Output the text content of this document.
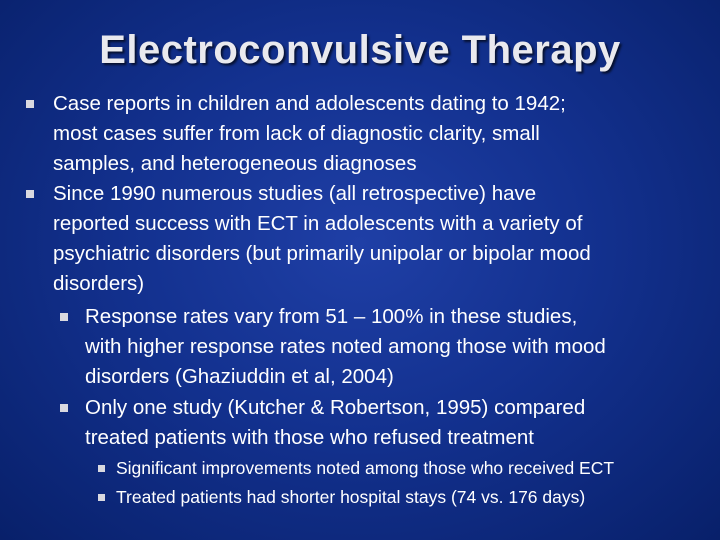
Electroconvulsive Therapy
Case reports in children and adolescents dating to 1942;
most cases suffer from lack of diagnostic clarity, small
samples, and heterogeneous diagnoses
Since 1990 numerous studies (all retrospective) have
reported success with ECT in adolescents with a variety of
psychiatric disorders (but primarily unipolar or bipolar mood
disorders)
Response rates vary from 51 – 100% in these studies,
with higher response rates noted among those with mood
disorders (Ghaziuddin et al, 2004)
Only one study (Kutcher & Robertson, 1995) compared
treated patients with those who refused treatment
Significant improvements noted among those who received ECT
Treated patients had shorter hospital stays (74 vs. 176 days)
